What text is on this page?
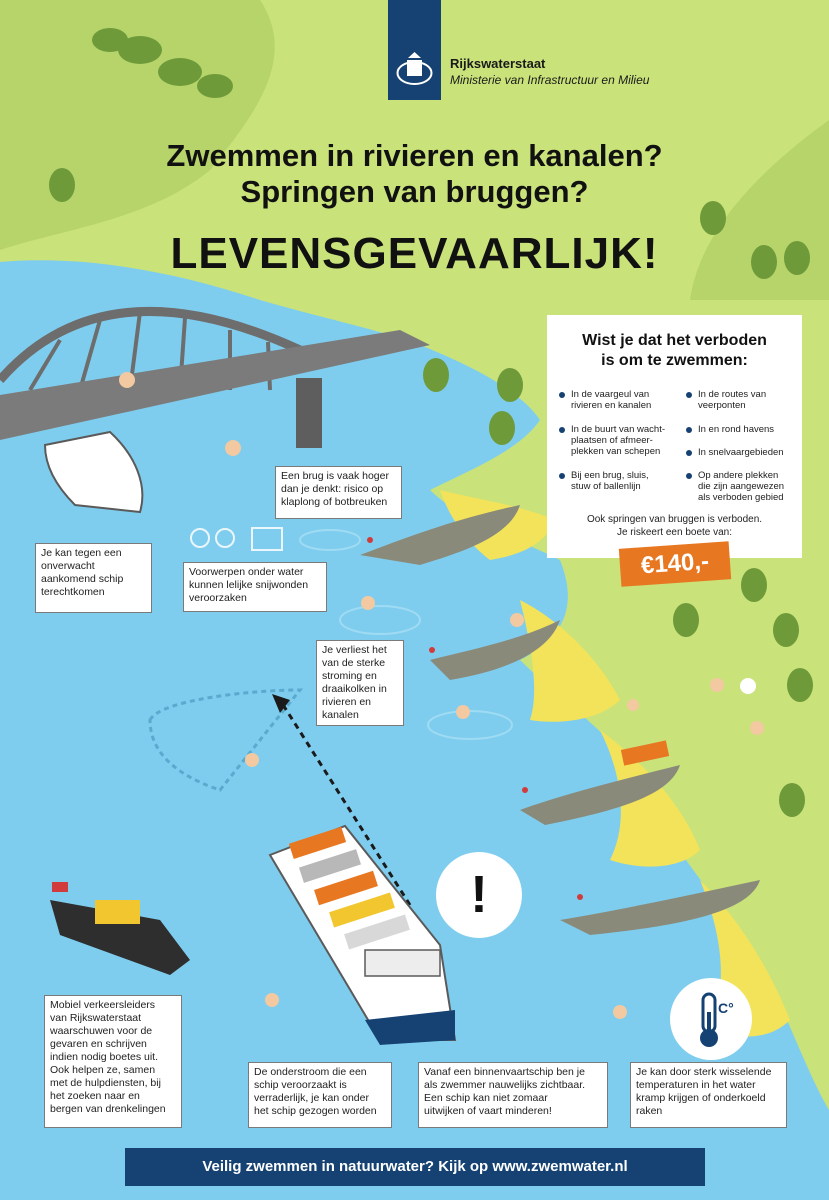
Rijkswaterstaat
Ministerie van Infrastructuur en Milieu
Zwemmen in rivieren en kanalen?
Springen van bruggen?
LEVENSGEVAARLIJK!
Wist je dat het verboden
is om te zwemmen:
In de vaargeul van
rivieren en kanalen
In de buurt van wacht-
plaatsen of afmeer-
plekken van schepen
Bij een brug, sluis,
stuw of ballenlijn
In de routes van
veerponten
In en rond havens
In snelvaargebieden
Op andere plekken
die zijn aangewezen
als verboden gebied
Ook springen van bruggen is verboden.
Je riskeert een boete van:
€140,-
!
C°
Een brug is vaak hoger
dan je denkt: risico op
klaplong of botbreuken
Je kan tegen een
onverwacht
aankomend schip
terechtkomen
Voorwerpen onder water
kunnen lelijke snijwonden
veroorzaken
Je verliest het
van de sterke
stroming en
draaikolken in
rivieren en
kanalen
Mobiel verkeersleiders
van Rijkswaterstaat
waarschuwen voor de
gevaren en schrijven
indien nodig boetes uit.
Ook helpen ze, samen
met de hulpdiensten, bij
het zoeken naar en
bergen van drenkelingen
De onderstroom die een
schip veroorzaakt is
verraderlijk, je kan onder
het schip gezogen worden
Vanaf een binnenvaartschip ben je
als zwemmer nauwelijks zichtbaar.
Een schip kan niet zomaar
uitwijken of vaart minderen!
Je kan door sterk wisselende
temperaturen in het water
kramp krijgen of onderkoeld
raken
Veilig zwemmen in natuurwater? Kijk op www.zwemwater.nl
